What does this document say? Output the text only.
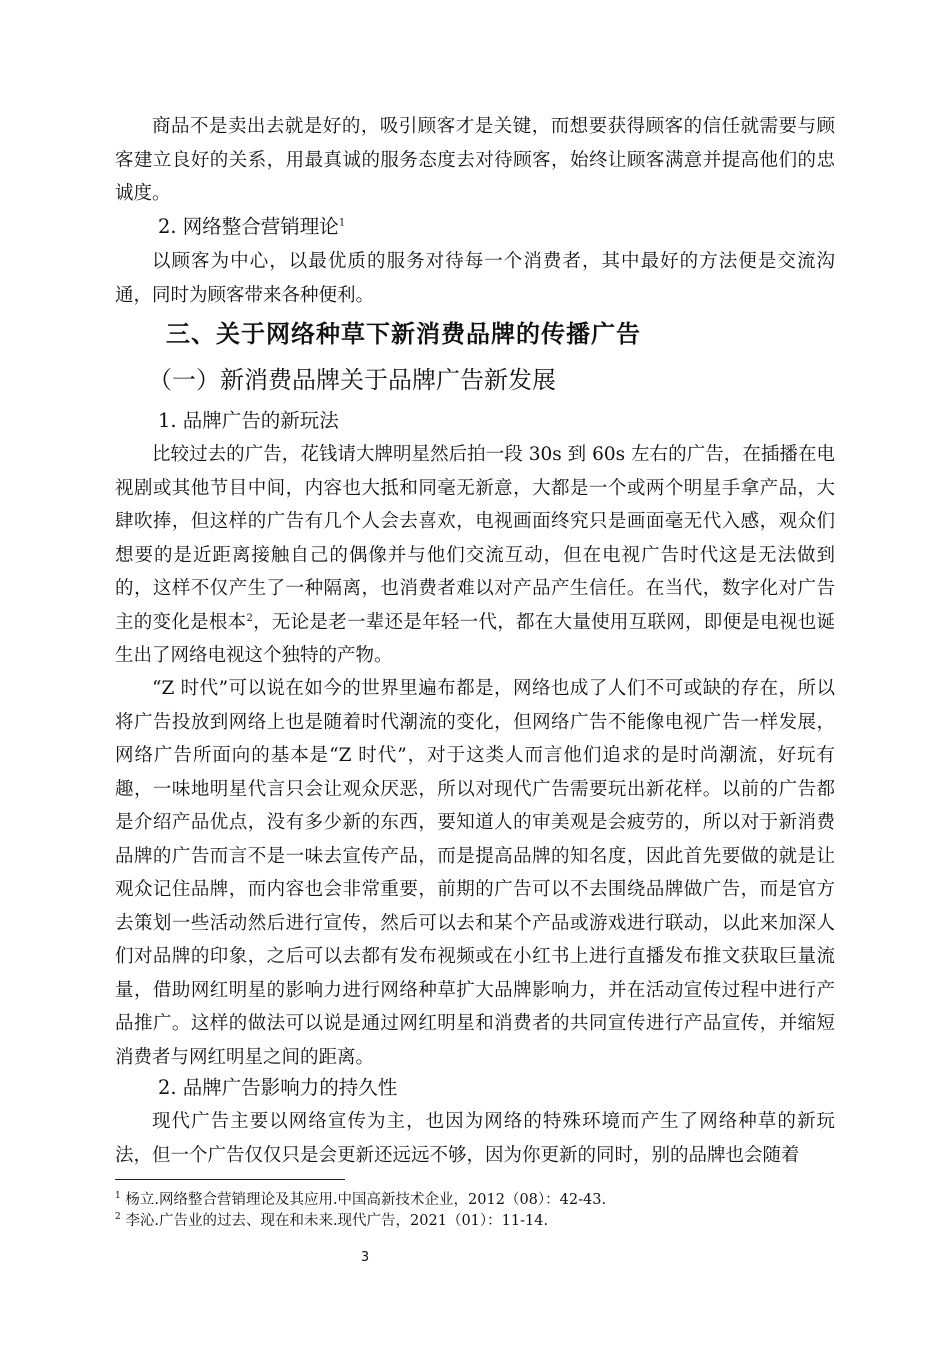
商品不是卖出去就是好的，吸引顾客才是关键，而想要获得顾客的信任就需要与顾客建立良好的关系，用最真诚的服务态度去对待顾客，始终让顾客满意并提高他们的忠诚度。

2. 网络整合营销理论$^1$

以顾客为中心，以最优质的服务对待每一个消费者，其中最好的方法便是交流沟通，同时为顾客带来各种便利。

三、关于网络种草下新消费品牌的传播广告
（一）新消费品牌关于品牌广告新发展

1. 品牌广告的新玩法

比较过去的广告，花钱请大牌明星然后拍一段 30s 到 60s 左右的广告，在插播在电视剧或其他节目中间，内容也大抵和同毫无新意，大都是一个或两个明星手拿产品，大肆吹捧，但这样的广告有几个人会去喜欢，电视画面终究只是画面毫无代入感，观众们想要的是近距离接触自己的偶像并与他们交流互动，但在电视广告时代这是无法做到的，这样不仅产生了一种隔离，也消费者难以对产品产生信任。在当代，数字化对广告主的变化是根本$^2$，无论是老一辈还是年轻一代，都在大量使用互联网，即便是电视也诞生出了网络电视这个独特的产物。

“Z 时代”可以说在如今的世界里遍布都是，网络也成了人们不可或缺的存在，所以将广告投放到网络上也是随着时代潮流的变化，但网络广告不能像电视广告一样发展，网络广告所面向的基本是“Z 时代”，对于这类人而言他们追求的是时尚潮流，好玩有趣，一味地明星代言只会让观众厌恶，所以对现代广告需要玩出新花样。以前的广告都是介绍产品优点，没有多少新的东西，要知道人的审美观是会疲劳的，所以对于新消费品牌的广告而言不是一味去宣传产品，而是提高品牌的知名度，因此首先要做的就是让观众记住品牌，而内容也会非常重要，前期的广告可以不去围绕品牌做广告，而是官方去策划一些活动然后进行宣传，然后可以去和某个产品或游戏进行联动，以此来加深人们对品牌的印象，之后可以去都有发布视频或在小红书上进行直播发布推文获取巨量流量，借助网红明星的影响力进行网络种草扩大品牌影响力，并在活动宣传过程中进行产品推广。这样的做法可以说是通过网红明星和消费者的共同宣传进行产品宣传，并缩短消费者与网红明星之间的距离。

2. 品牌广告影响力的持久性

现代广告主要以网络宣传为主，也因为网络的特殊环境而产生了网络种草的新玩法，但一个广告仅仅只是会更新还远远不够，因为你更新的同时，别的品牌也会随着

$^1$ 杨立.网络整合营销理论及其应用.中国高新技术企业，2012（08）：42-43.

$^2$ 李沁.广告业的过去、现在和未来.现代广告，2021（01）：11-14.

3
